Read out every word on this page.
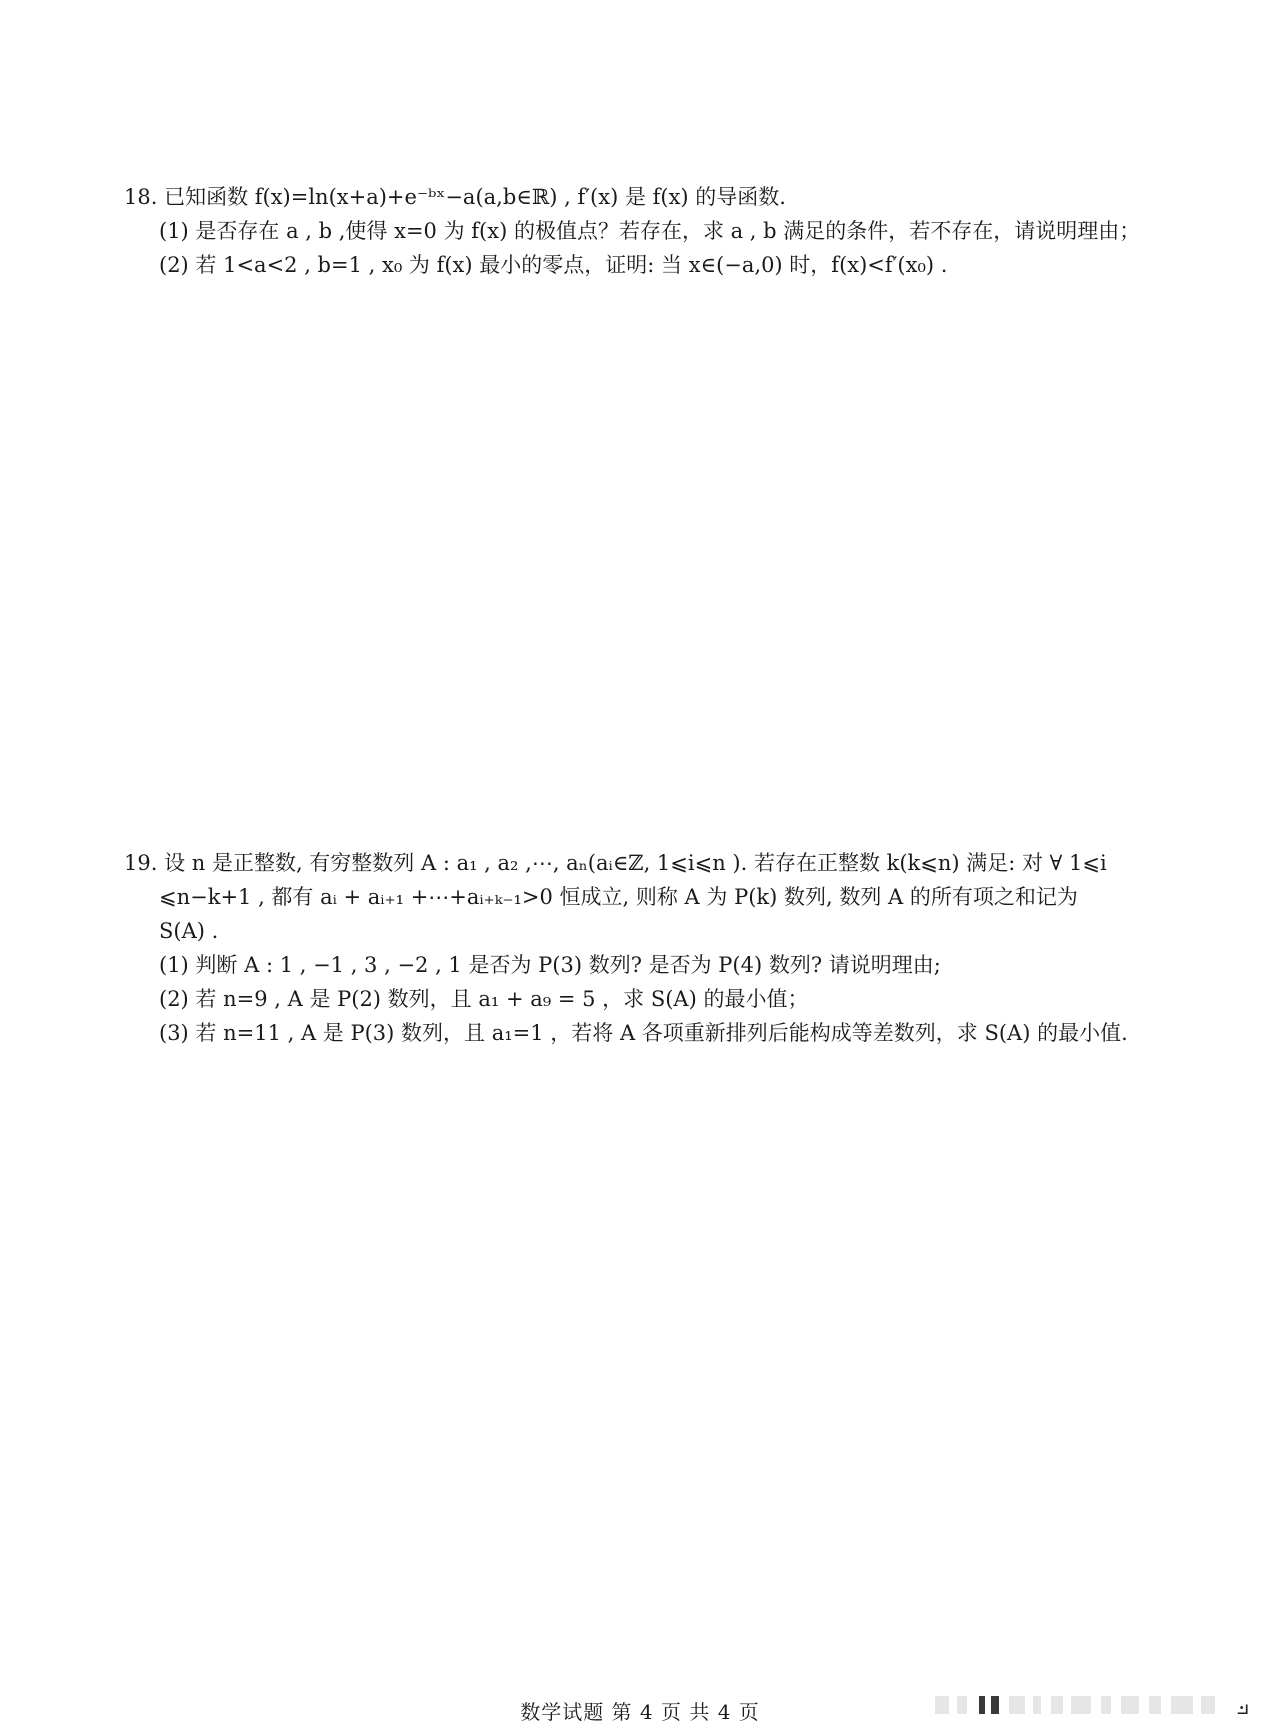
18. 已知函数 f(x)=ln(x+a)+e⁻ᵇˣ−a(a,b∈ℝ) , f′(x) 是 f(x) 的导函数.

(1) 是否存在 a , b ,使得 x=0 为 f(x) 的极值点？若存在，求 a , b 满足的条件，若不存在，请说明理由；

(2) 若 1<a<2 , b=1 , x₀ 为 f(x) 最小的零点，证明: 当 x∈(−a,0) 时，f(x)<f′(x₀) .

19. 设 n 是正整数, 有穷整数列 A : a₁ , a₂ ,⋯, aₙ(aᵢ∈ℤ, 1⩽i⩽n ). 若存在正整数 k(k⩽n) 满足: 对 ∀ 1⩽i

⩽n−k+1 , 都有 aᵢ + aᵢ₊₁ +⋯+aᵢ₊ₖ₋₁>0 恒成立, 则称 A 为 P(k) 数列, 数列 A 的所有项之和记为

S(A) .

(1) 判断 A : 1 , −1 , 3 , −2 , 1 是否为 P(3) 数列? 是否为 P(4) 数列? 请说明理由;

(2) 若 n=9 , A 是 P(2) 数列，且 a₁ + a₉ = 5 ，求 S(A) 的最小值；

(3) 若 n=11 , A 是 P(3) 数列，且 a₁=1 ，若将 A 各项重新排列后能构成等差数列，求 S(A) 的最小值.

数学试题 第 4 页 共 4 页	⟓
